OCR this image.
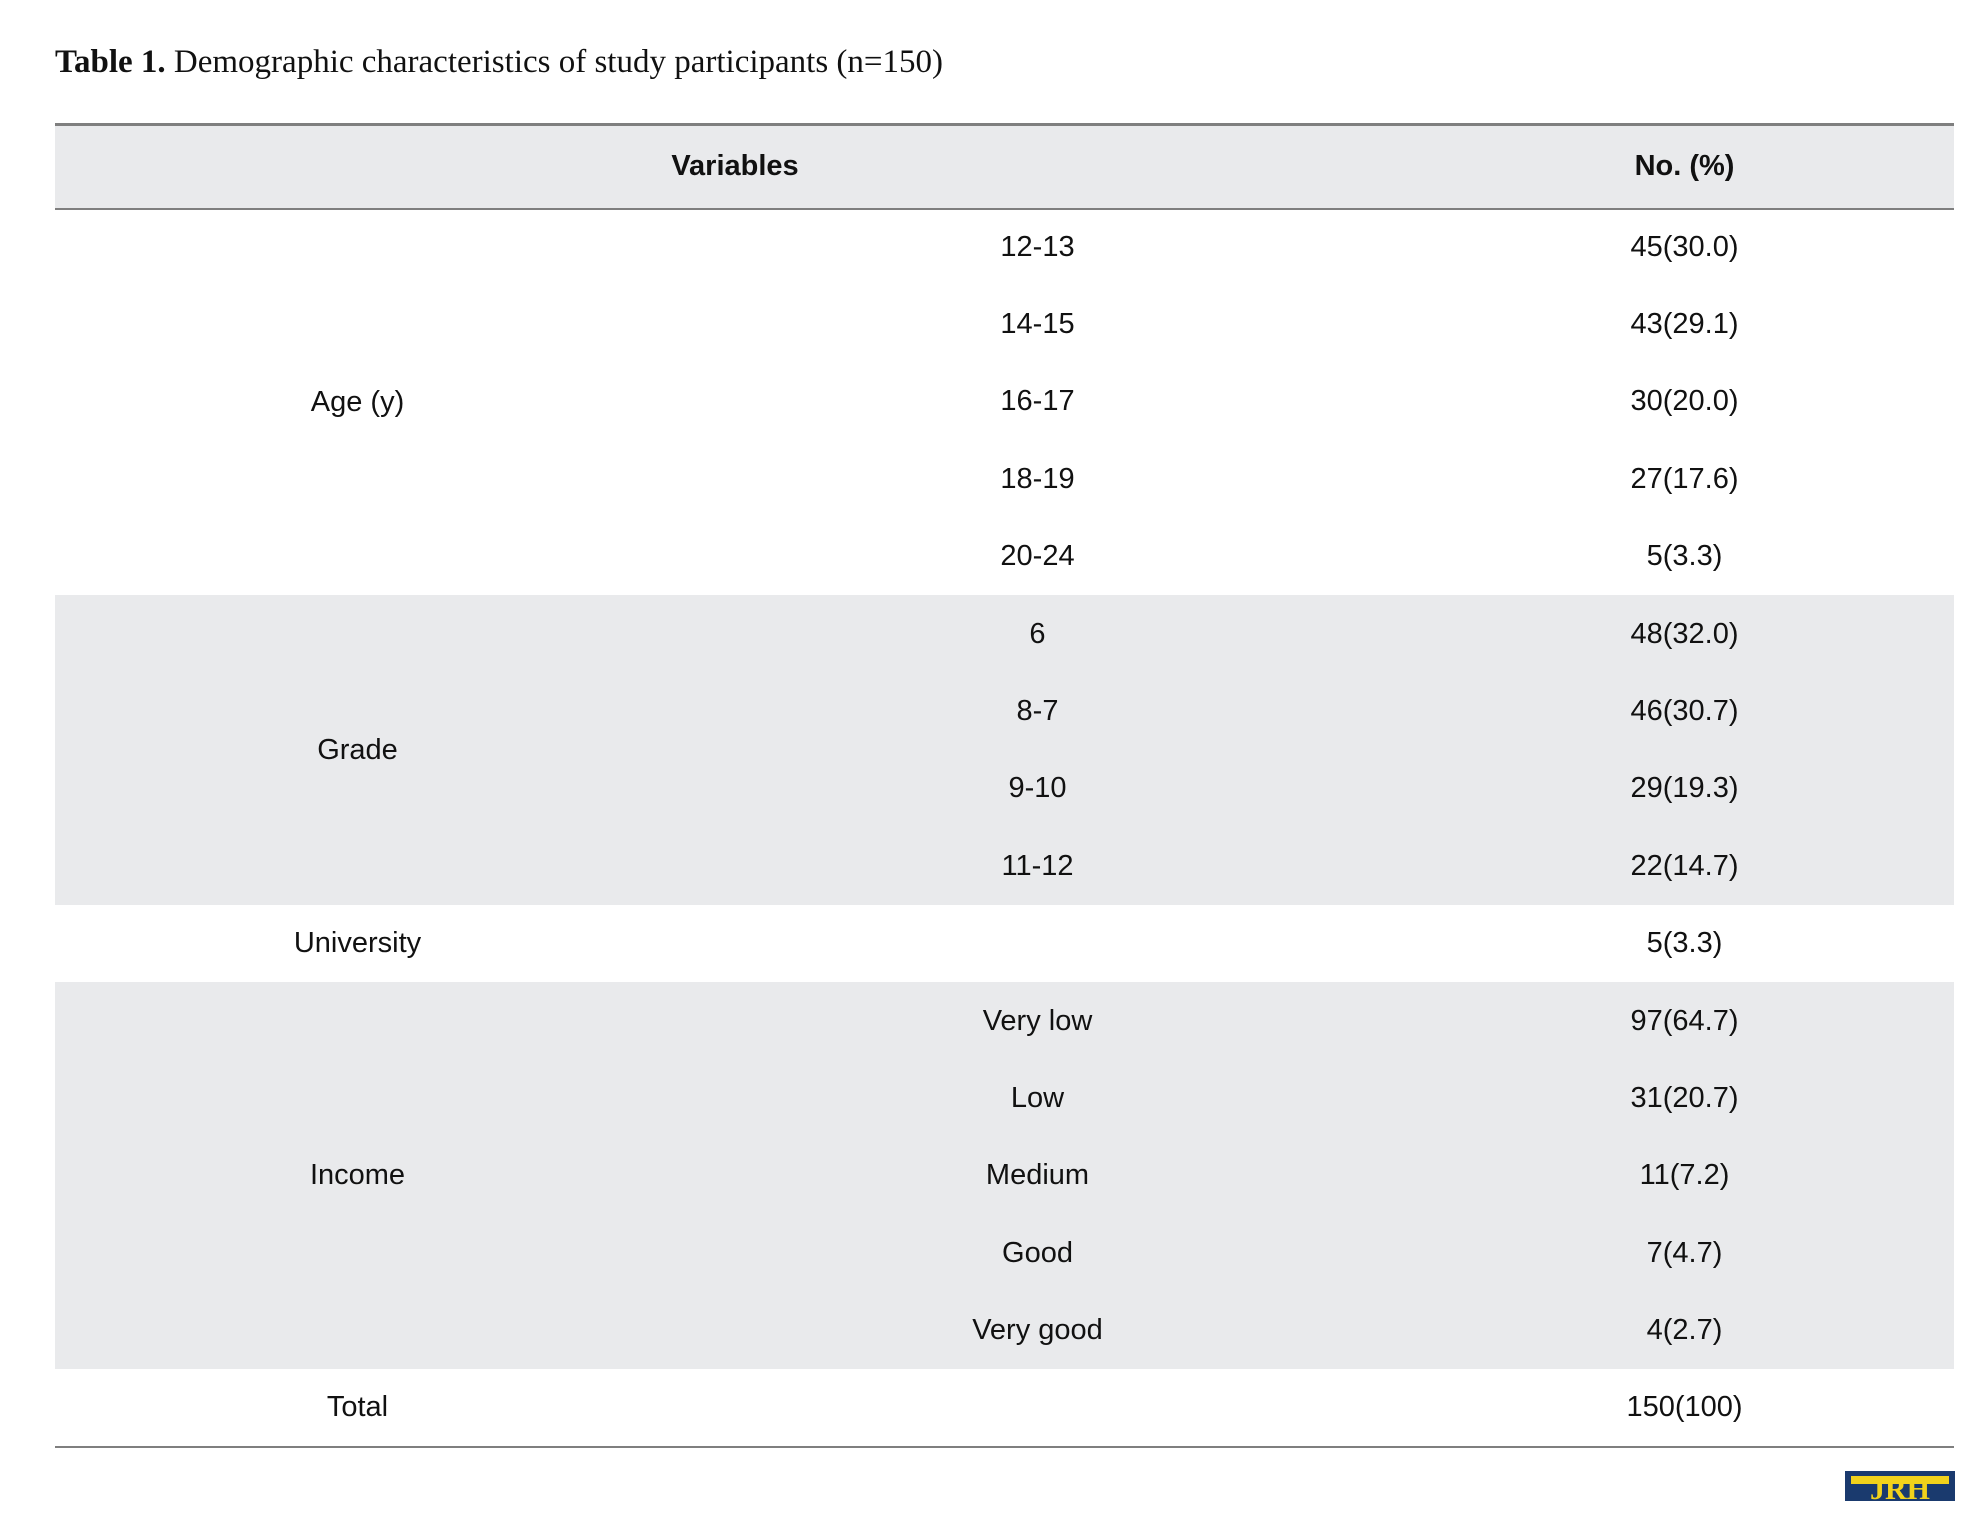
Table 1. Demographic characteristics of study participants (n=150)
Variables		No. (%)
Age (y)	12-13	45(30.0)
	14-15	43(29.1)
	16-17	30(20.0)
	18-19	27(17.6)
	20-24	5(3.3)
Grade	6	48(32.0)
	8-7	46(30.7)
	9-10	29(19.3)
	11-12	22(14.7)
University		5(3.3)
Income	Very low	97(64.7)
	Low	31(20.7)
	Medium	11(7.2)
	Good	7(4.7)
	Very good	4(2.7)
Total		150(100)
JRH
